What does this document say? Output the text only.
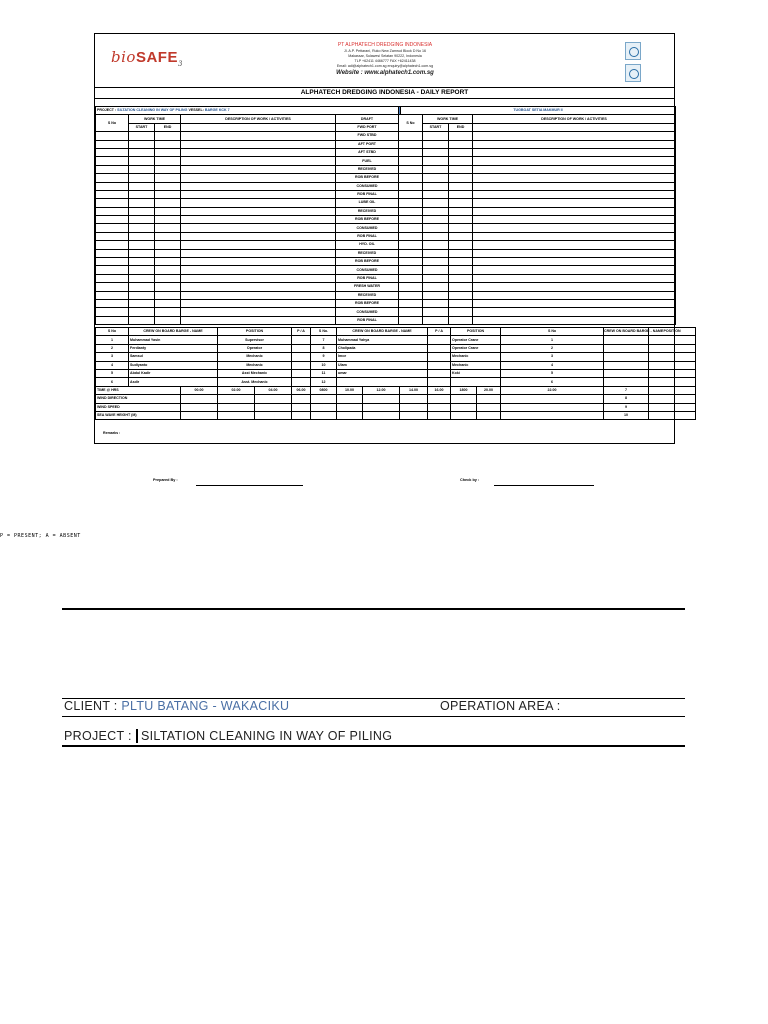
bioSAFE$_3$
PT ALPHATECH DREDGING INDONESIA
Jl. A.P. Pettarani, Ruko New Zamrud Block D No 16
Makassar, Sulawesi Selatan 90222, Indonesia
TLP +62411 4466777 FAX +62411438
Email: adi@alphatech1.com.sg enquiry@alphatech1.com.sg
Website : www.alphatech1.com.sg
ALPHATECH DREDGING INDONESIA - DAILY REPORT
PROJECT : SILTATION CLEANING IN WAY OF PILING VESSEL: BARGE KCK 7						TUGBOAT SETIA MAKMUR II			
S No	WORK TIME		DESCRIPTION OF WORK / ACTIVITIES	DRAFT	S No		WORK TIME		DESCRIPTION OF WORK / ACTIVITIES
	START	END		FWD PORT			START	END	
				FWD STBD					
				AFT PORT					
				AFT STBD					
				FUEL					
				RECEIVED					
				ROB BEFORE					
				CONSUMED					
				ROB FINAL					
				LUBE OIL					
				RECEIVED					
				ROB BEFORE					
				CONSUMED					
				ROB FINAL					
				HYD. OIL					
				RECEIVED					
				ROB BEFORE					
				CONSUMED					
				ROB FINAL					
				FRESH WATER					
				RECEIVED					
				ROB BEFORE					
				CONSUMED					
				ROB FINAL					
S No	CREW ON BOARD BARGE - NAME		POSITION		P / A	S No.	CREW ON BOARD BARGE - NAME			P / A	POSITION		S No	CREW ON BOARD BARGE - NAME	POSITION	
1	Muhammad Yasin		Supervisor			7	Muhammad Yahya				Operator Crane		1			
2	Ferdianty		Operator			8	Cholipada				Operator Crane		2			
3	Samsul		Mechanic			9	Imce				Mechanic		3			
4	Sudiyanto		Mechanic			10	Ulam				Mechanic		4			
5	Abdul Kadir		Asst Mechanic			11	umar				Koki		5			
6	Asdir		Asst. Mechanic			12							6			
TIME @ HRS		00.00	02.00	04.00	06.00	0800	10.00	12.00	14.00	16.00	1800	20.00	22.00	7		
WIND DIRECTION														8		
WIND SPEED														9		
SEA WAVE HEIGHT (M)														10		
Remarks :
Prepared By :	Check by :
P = PRESENT; A = ABSENT
CLIENT : PLTU BATANG - WAKACIKU	OPERATION AREA :
PROJECT : SILTATION CLEANING IN WAY OF PILING
